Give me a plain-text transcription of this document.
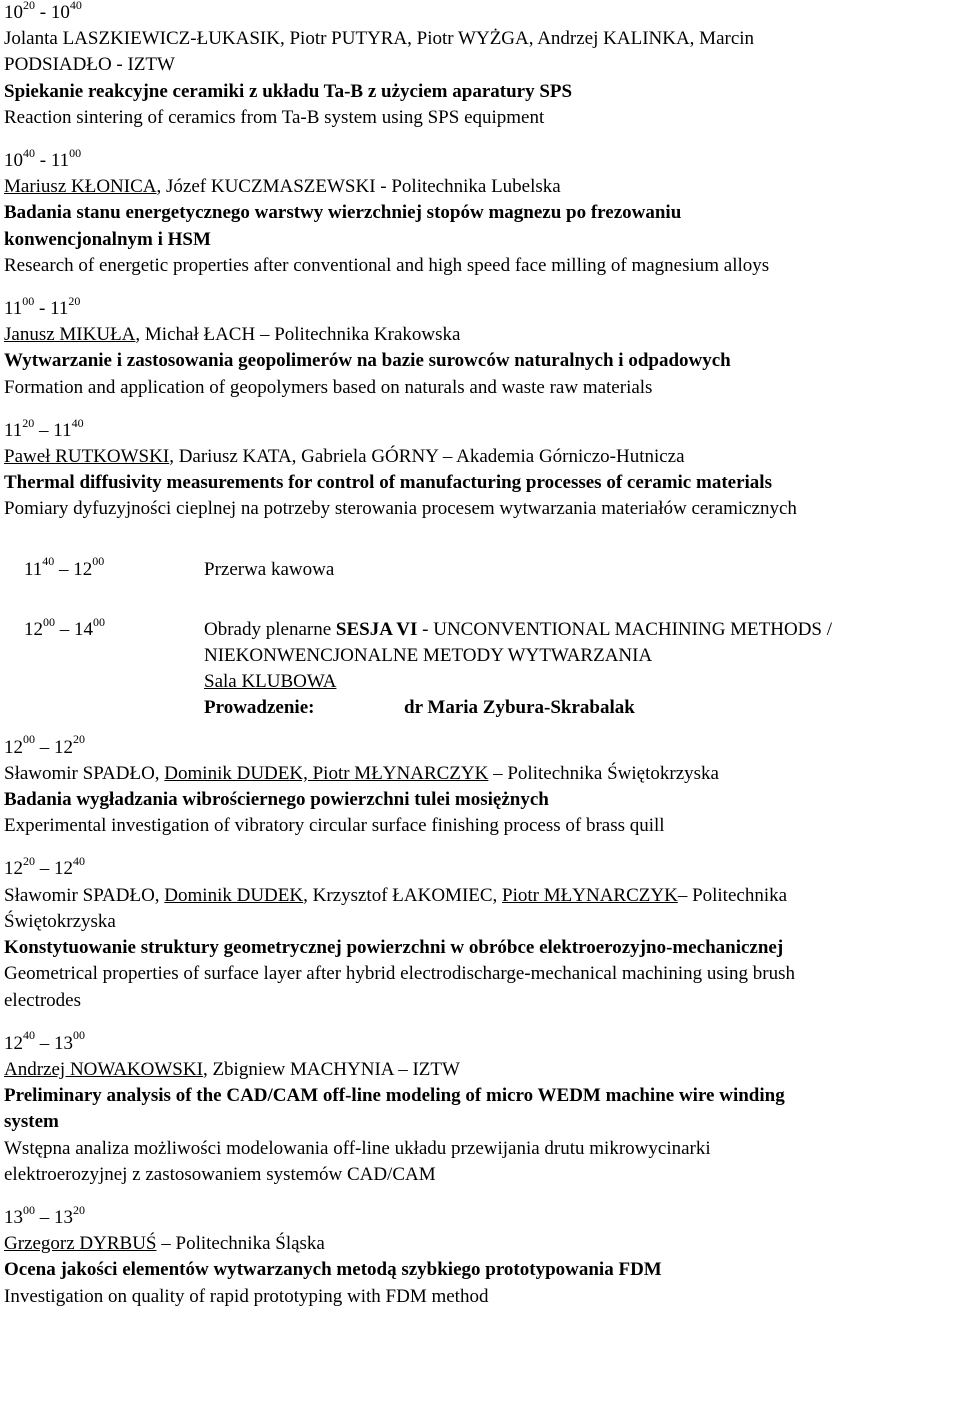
$10^{20} - 10^{40}$
Jolanta LASZKIEWICZ-ŁUKASIK, Piotr PUTYRA, Piotr WYŻGA, Andrzej KALINKA, Marcin
PODSIADŁO - IZTW
Spiekanie reakcyjne ceramiki z układu Ta-B z użyciem aparatury SPS
Reaction sintering of ceramics from Ta-B system using SPS equipment
$10^{40} - 11^{00}$
Mariusz KŁONICA, Józef KUCZMASZEWSKI - Politechnika Lubelska
Badania stanu energetycznego warstwy wierzchniej stopów magnezu po frezowaniu
konwencjonalnym i HSM
Research of energetic properties after conventional and high speed face milling of magnesium alloys
$11^{00} - 11^{20}$
Janusz MIKUŁA, Michał ŁACH – Politechnika Krakowska
Wytwarzanie i zastosowania geopolimerów na bazie surowców naturalnych i odpadowych
Formation and application of geopolymers based on naturals and waste raw materials
$11^{20} - 11^{40}$
Paweł RUTKOWSKI, Dariusz KATA, Gabriela GÓRNY – Akademia Górniczo-Hutnicza
Thermal diffusivity measurements for control of manufacturing processes of ceramic materials
Pomiary dyfuzyjności cieplnej na potrzeby sterowania procesem wytwarzania materiałów ceramicznych
$11^{40} - 12^{00}$	Przerwa kawowa
$12^{00} - 14^{00}$	Obrady plenarne SESJA VI - UNCONVENTIONAL MACHINING METHODS /
NIEKONWENCJONALNE METODY WYTWARZANIA
Sala KLUBOWA
Prowadzenie:	dr Maria Zybura-Skrabalak
$12^{00} - 12^{20}$
Sławomir SPADŁO, Dominik DUDEK, Piotr MŁYNARCZYK – Politechnika Świętokrzyska
Badania wygładzania wibrościernego powierzchni tulei mosiężnych
Experimental investigation of vibratory circular surface finishing process of brass quill
$12^{20} - 12^{40}$
Sławomir SPADŁO, Dominik DUDEK, Krzysztof ŁAKOMIEC, Piotr MŁYNARCZYK– Politechnika
Świętokrzyska
Konstytuowanie struktury geometrycznej powierzchni w obróbce elektroerozyjno-mechanicznej
Geometrical properties of surface layer after hybrid electrodischarge-mechanical machining using brush
electrodes
$12^{40} - 13^{00}$
Andrzej NOWAKOWSKI, Zbigniew MACHYNIA – IZTW
Preliminary analysis of the CAD/CAM off-line modeling of micro WEDM machine wire winding
system
Wstępna analiza możliwości modelowania off-line układu przewijania drutu mikrowycinarki
elektroerozyjnej z zastosowaniem systemów CAD/CAM
$13^{00} - 13^{20}$
Grzegorz DYRBUŚ – Politechnika Śląska
Ocena jakości elementów wytwarzanych metodą szybkiego prototypowania FDM
Investigation on quality of rapid prototyping with FDM method
